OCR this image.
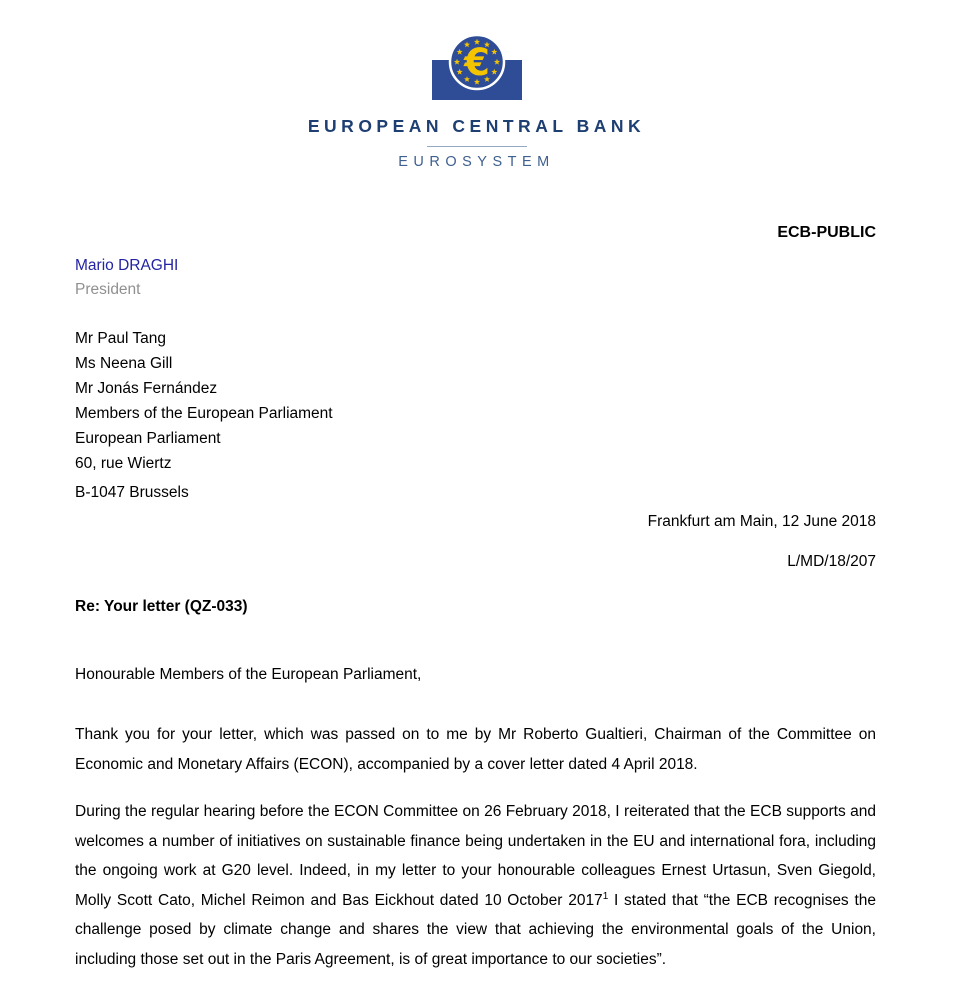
€
EUROPEAN CENTRAL BANK
EUROSYSTEM
ECB-PUBLIC
Mario DRAGHI
President
Mr Paul Tang
Ms Neena Gill
Mr Jonás Fernández
Members of the European Parliament
European Parliament
60, rue Wiertz
B-1047 Brussels
Frankfurt am Main, 12 June 2018
L/MD/18/207
Re: Your letter (QZ-033)
Honourable Members of the European Parliament,

Thank you for your letter, which was passed on to me by Mr Roberto Gualtieri, Chairman of the Committee on Economic and Monetary Affairs (ECON), accompanied by a cover letter dated 4 April 2018.

During the regular hearing before the ECON Committee on 26 February 2018, I reiterated that the ECB supports and welcomes a number of initiatives on sustainable finance being undertaken in the EU and international fora, including the ongoing work at G20 level. Indeed, in my letter to your honourable colleagues Ernest Urtasun, Sven Giegold, Molly Scott Cato, Michel Reimon and Bas Eickhout dated 10 October 2017$^1$ I stated that “the ECB recognises the challenge posed by climate change and shares the view that achieving the environmental goals of the Union, including those set out in the Paris Agreement, is of great importance to our societies”.
